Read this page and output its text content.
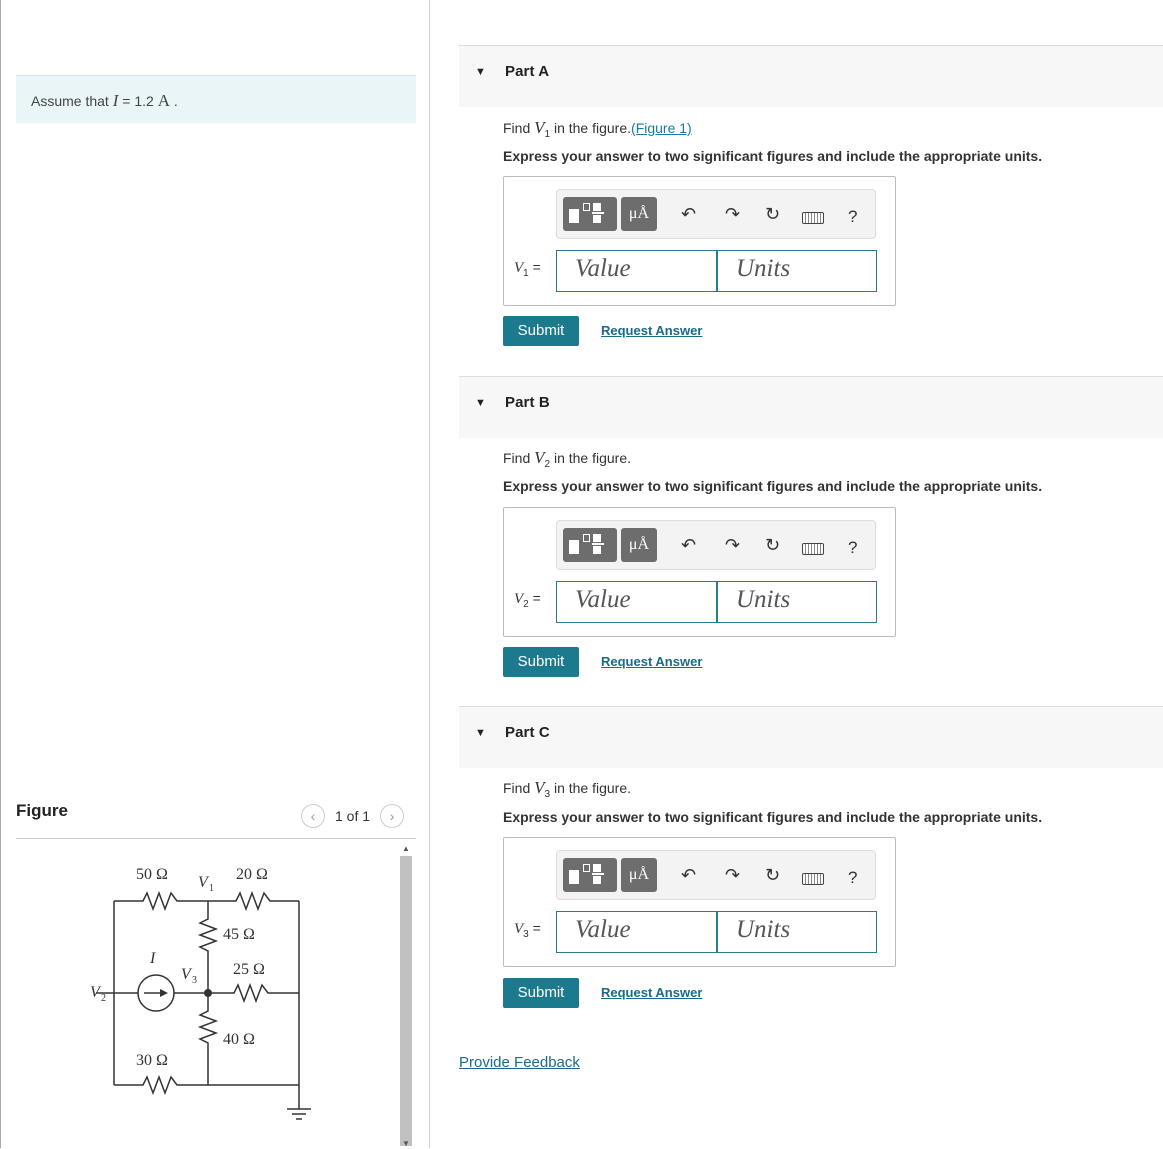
Assume that I = 1.2 A .
Figure	‹	1 of 1	›
50 Ω	20 Ω
45 Ω
25 Ω
40 Ω
30 Ω
V 1
V 3
V 2
I
▲
▼
▼ Part A
Find $V_1$ in the figure.(Figure 1)
Express your answer to two significant figures and include the appropriate units.
μÅ	↶ ↷ ↻	?
$V_1$ =	Value	Units
Submit	Request Answer
▼ Part B
Find $V_2$ in the figure.
Express your answer to two significant figures and include the appropriate units.
μÅ	↶ ↷ ↻	?
$V_2$ =	Value	Units
Submit	Request Answer
▼ Part C
Find $V_3$ in the figure.
Express your answer to two significant figures and include the appropriate units.
μÅ	↶ ↷ ↻	?
$V_3$ =	Value	Units
Submit	Request Answer
Provide Feedback
